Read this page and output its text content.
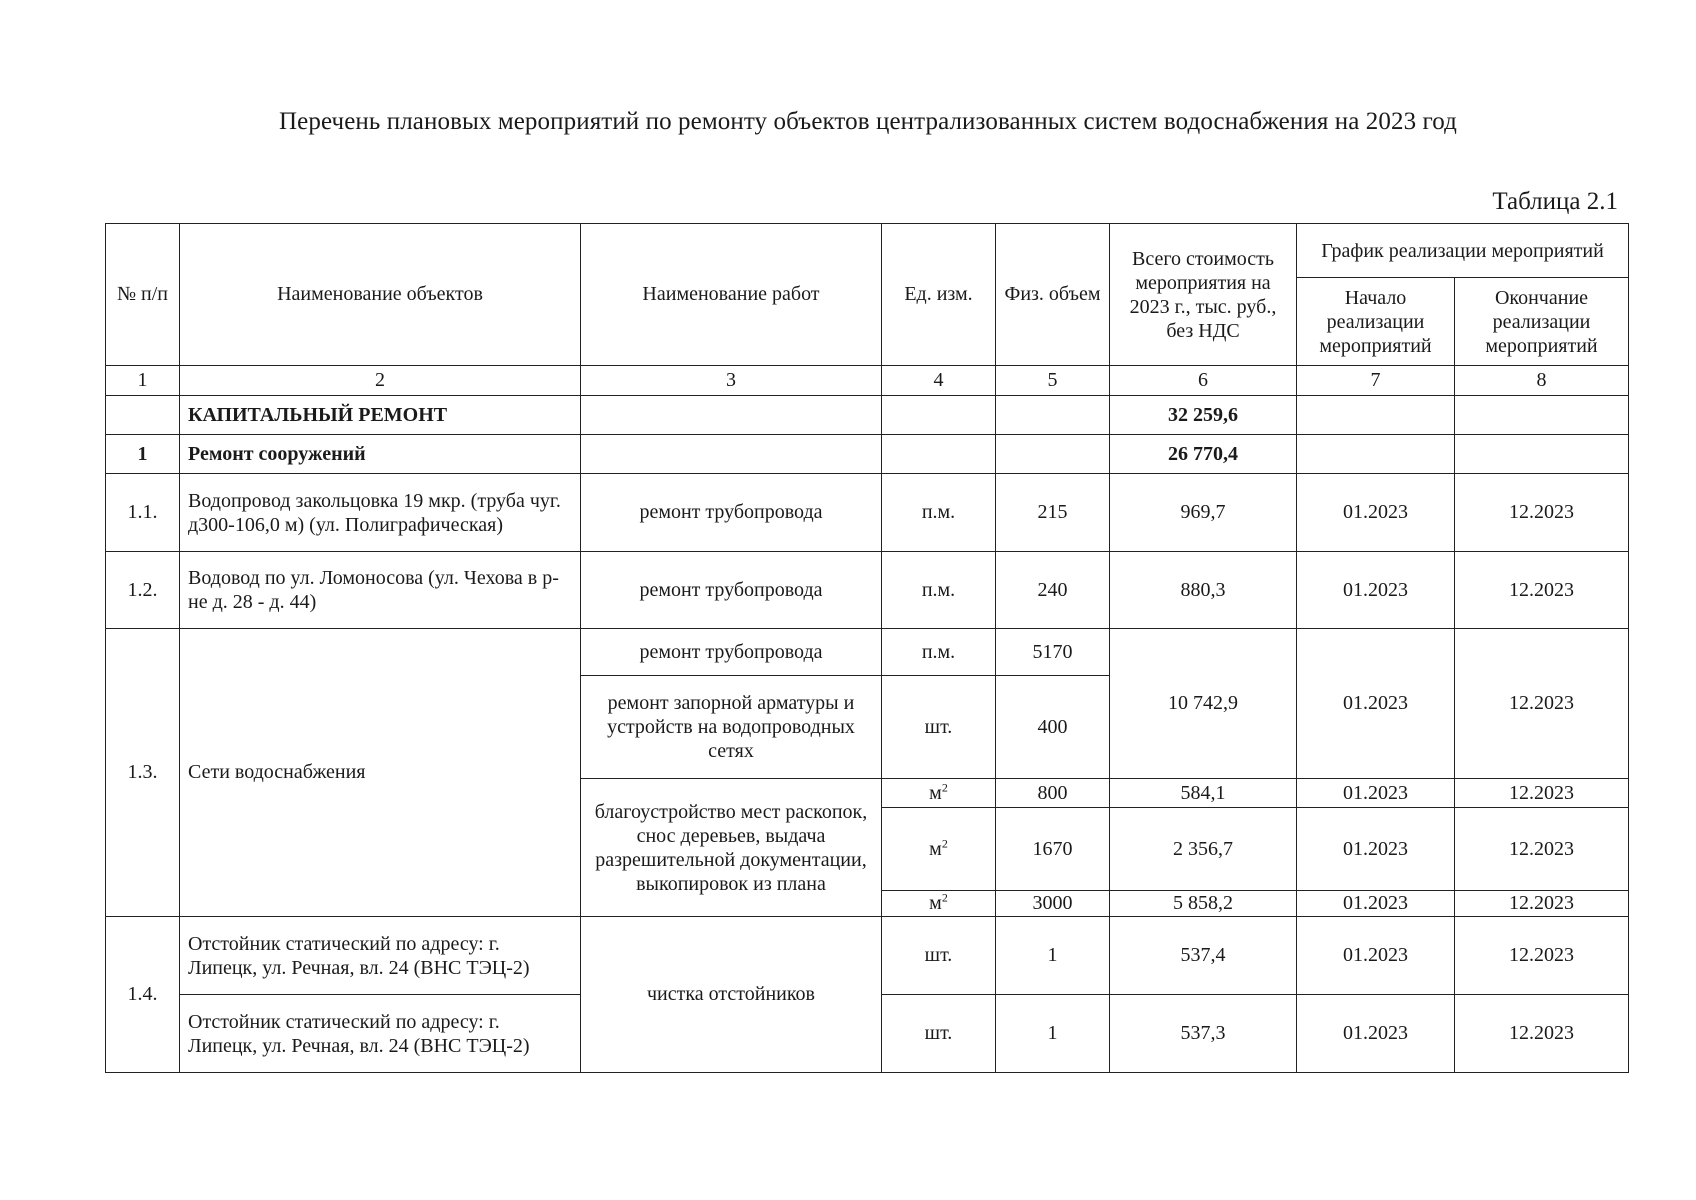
Перечень плановых мероприятий по ремонту объектов централизованных систем водоснабжения на 2023 год
Таблица 2.1
№ п/п	Наименование объектов	Наименование работ	Ед. изм.	Физ. объем	Всего стоимость мероприятия на 2023 г., тыс. руб., без НДС	График реализации мероприятий	
						Начало реализации мероприятий	Окончание реализации мероприятий
1	2	3	4	5	6	7	8
	КАПИТАЛЬНЫЙ РЕМОНТ				32 259,6		
1	Ремонт сооружений				26 770,4		
1.1.	Водопровод закольцовка 19 мкр. (труба чуг. д300-106,0 м) (ул. Полиграфическая)	ремонт трубопровода	п.м.	215	969,7	01.2023	12.2023
1.2.	Водовод по ул. Ломоносова (ул. Чехова в р-не д. 28 - д. 44)	ремонт трубопровода	п.м.	240	880,3	01.2023	12.2023
1.3.	Сети водоснабжения	ремонт трубопровода	п.м.	5170	10 742,9	01.2023	12.2023
		ремонт запорной арматуры и устройств на водопроводных сетях	шт.	400			
		благоустройство мест раскопок, снос деревьев, выдача разрешительной документации, выкопировок из плана	$м^2$	800	584,1	01.2023	12.2023
			$м^2$	1670	2 356,7	01.2023	12.2023
			$м^2$	3000	5 858,2	01.2023	12.2023
1.4.	Отстойник статический по адресу: г. Липецк, ул. Речная, вл. 24 (ВНС ТЭЦ-2)	чистка отстойников	шт.	1	537,4	01.2023	12.2023
	Отстойник статический по адресу: г. Липецк, ул. Речная, вл. 24 (ВНС ТЭЦ-2)		шт.	1	537,3	01.2023	12.2023
